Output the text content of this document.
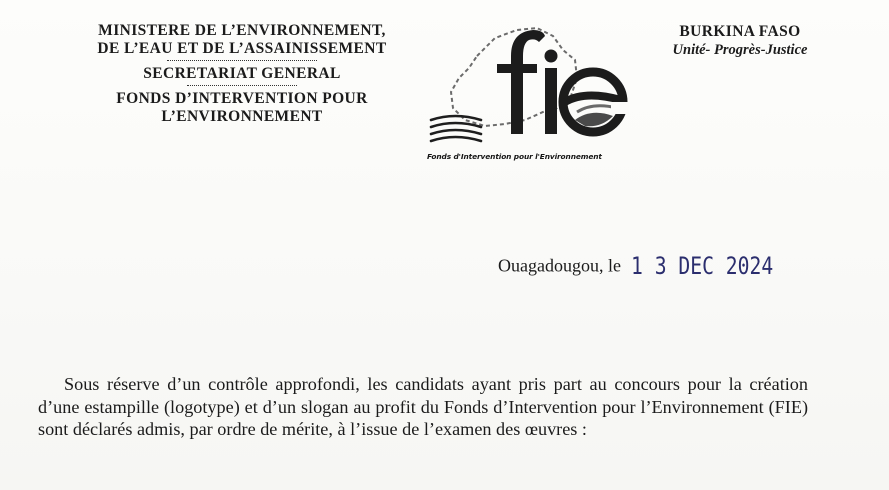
MINISTERE DE L’ENVIRONNEMENT,
DE L’EAU ET DE L’ASSAINISSEMENT
SECRETARIAT GENERAL
FONDS D’INTERVENTION POUR
L’ENVIRONNEMENT
Fonds d'Intervention pour l'Environnement
BURKINA FASO
Unité- Progrès-Justice
Ouagadougou, le 1 3 DEC 2024

Sous réserve d’un contrôle approfondi, les candidats ayant pris part au concours pour la création d’une estampille (logotype) et d’un slogan au profit du Fonds d’Intervention pour l’Environnement (FIE) sont déclarés admis, par ordre de mérite, à l’issue de l’examen des œuvres :
